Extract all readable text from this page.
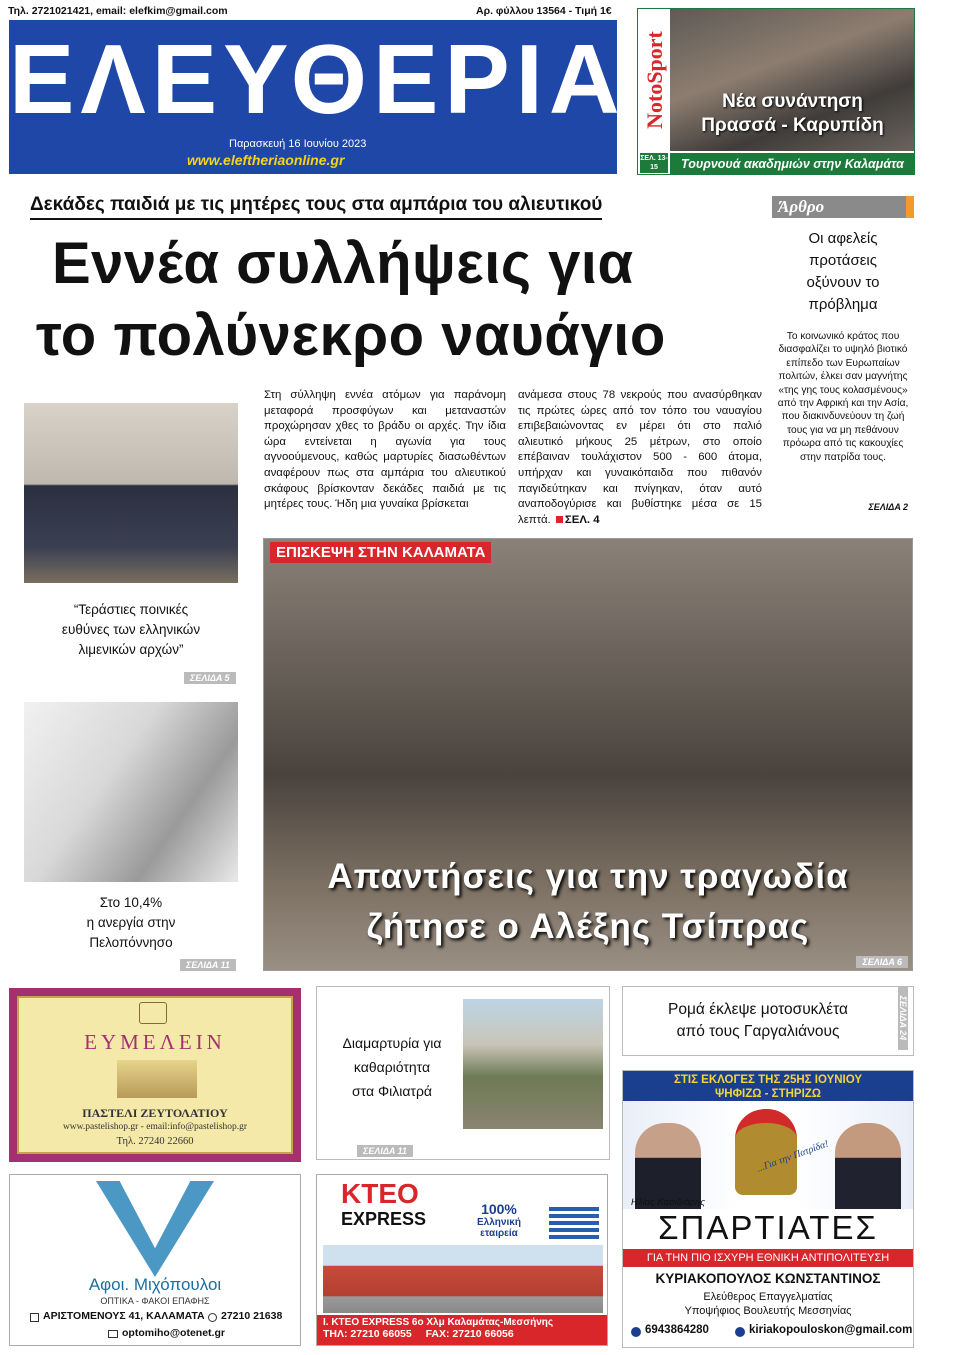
Τηλ. 2721021421, email: elefkim@gmail.com	Αρ. φύλλου 13564 - Τιμή 1€
ΕΛΕΥΘΕΡΙΑ
Παρασκευή 16 Ιουνίου 2023
www.eleftheriaonline.gr
NotoSport	Νέα συνάντηση
Πρασσά - Καρυπίδη
ΣΕΛ. 13-15	Τουρνουά ακαδημιών στην Καλαμάτα
Δεκάδες παιδιά με τις μητέρες τους στα αμπάρια του αλιευτικού
Εννέα συλλήψεις για
το πολύνεκρο ναυάγιο
Στη σύλληψη εννέα ατόμων για παράνομη μεταφορά προσφύγων και μεταναστών προχώρησαν χθες το βράδυ οι αρχές. Την ίδια ώρα εντείνεται η αγωνία για τους αγνοούμενους, καθώς μαρτυρίες διασωθέντων αναφέρουν πως στα αμπάρια του αλιευτικού σκάφους βρίσκονταν δεκάδες παιδιά με τις μητέρες τους. Ήδη μια γυναίκα βρίσκεται
ανάμεσα στους 78 νεκρούς που ανασύρθηκαν τις πρώτες ώρες από τον τόπο του ναυαγίου επιβεβαιώνοντας εν μέρει ότι στο παλιό αλιευτικό μήκους 25 μέτρων, στο οποίο επέβαιναν τουλάχιστον 500 - 600 άτομα, υπήρχαν και γυναικόπαιδα που πιθανόν παγιδεύτηκαν και πνίγηκαν, όταν αυτό αναποδογύρισε και βυθίστηκε μέσα σε 15 λεπτά. ΣΕΛ. 4
Άρθρο
Οι αφελείς προτάσεις οξύνουν το πρόβλημα
Το κοινωνικό κράτος που διασφαλίζει το υψηλό βιοτικό επίπεδο των Ευρωπαίων πολιτών, έλκει σαν μαγνήτης «της γης τους κολασμένους» από την Αφρική και την Ασία, που διακινδυνεύουν τη ζωή τους για να μη πεθάνουν πρόωρα από τις κακουχίες στην πατρίδα τους.
ΣΕΛΙΔΑ 2
“Τεράστιες ποινικές
ευθύνες των ελληνικών
λιμενικών αρχών”
ΣΕΛΙΔΑ 5
Στο 10,4%
η ανεργία στην
Πελοπόννησο
ΣΕΛΙΔΑ 11
ΕΠΙΣΚΕΨΗ ΣΤΗΝ ΚΑΛΑΜΑΤΑ
Απαντήσεις για την τραγωδία
ζήτησε ο Αλέξης Τσίπρας
ΣΕΛΙΔΑ 6
ΕΥΜΕΛΕΙΝ
ΠΑΣΤΕΛΙ ΖΕΥΤΟΛΑΤΙΟΥ
www.pastelishop.gr - email:info@pastelishop.gr
Τηλ. 27240 22660
Διαμαρτυρία για
καθαριότητα
στα Φιλιατρά
ΣΕΛΙΔΑ 11
Ρομά έκλεψε μοτοσυκλέτα
από τους Γαργαλιάνους	ΣΕΛΙΔΑ 24
ΣΤΙΣ ΕΚΛΟΓΕΣ ΤΗΣ 25ΗΣ ΙΟΥΝΙΟΥ
ΨΗΦΙΖΩ - ΣΤΗΡΙΖΩ
...Για την Πατρίδα!
Ηλίας Κασιδιάρης
ΣΠΑΡΤΙΑΤΕΣ
ΓΙΑ ΤΗΝ ΠΙΟ ΙΣΧΥΡΗ ΕΘΝΙΚΗ ΑΝΤΙΠΟΛΙΤΕΥΣΗ
ΚΥΡΙΑΚΟΠΟΥΛΟΣ ΚΩΝΣΤΑΝΤΙΝΟΣ
Ελεύθερος Επαγγελματίας
Υποψήφιος Βουλευτής Μεσσηνίας
6943864280	kiriakopouloskon@gmail.com
Αφοι. Μιχόπουλοι
ΟΠΤΙΚΑ - ΦΑΚΟΙ ΕΠΑΦΗΣ
ΑΡΙΣΤΟΜΕΝΟΥΣ 41, ΚΑΛΑΜΑΤΑ 27210 21638
optomiho@otenet.gr
ΚΤΕΟ
EXPRESS	100%
Ελληνική
εταιρεία
Ι. ΚΤΕΟ EXPRESS 6ο Χλμ Καλαμάτας-Μεσσήνης
ΤΗΛ: 27210 66055 FAX: 27210 66056
